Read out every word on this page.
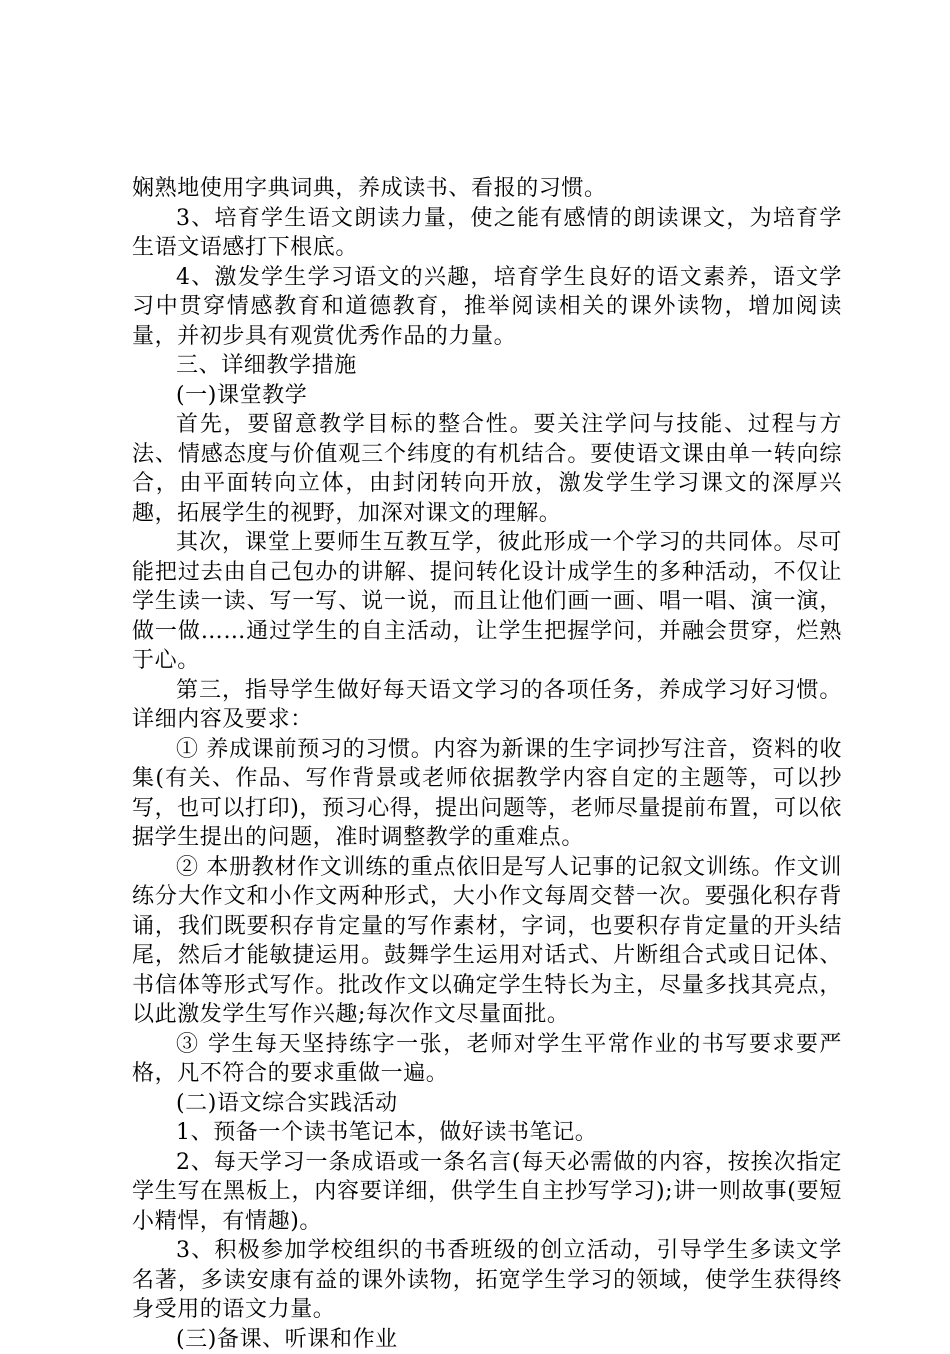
娴熟地使用字典词典，养成读书、看报的习惯。

3、培育学生语文朗读力量，使之能有感情的朗读课文，为培育学生语文语感打下根底。

4、激发学生学习语文的兴趣，培育学生良好的语文素养，语文学习中贯穿情感教育和道德教育，推举阅读相关的课外读物，增加阅读量，并初步具有观赏优秀作品的力量。

三、详细教学措施

(一)课堂教学

首先，要留意教学目标的整合性。要关注学问与技能、过程与方法、情感态度与价值观三个纬度的有机结合。要使语文课由单一转向综合，由平面转向立体，由封闭转向开放，激发学生学习课文的深厚兴趣，拓展学生的视野，加深对课文的理解。

其次，课堂上要师生互教互学，彼此形成一个学习的共同体。尽可能把过去由自己包办的讲解、提问转化设计成学生的多种活动，不仅让学生读一读、写一写、说一说，而且让他们画一画、唱一唱、演一演，做一做……通过学生的自主活动，让学生把握学问，并融会贯穿，烂熟于心。

第三，指导学生做好每天语文学习的各项任务，养成学习好习惯。详细内容及要求：

① 养成课前预习的习惯。内容为新课的生字词抄写注音，资料的收集(有关、作品、写作背景或老师依据教学内容自定的主题等，可以抄写，也可以打印)，预习心得，提出问题等，老师尽量提前布置，可以依据学生提出的问题，准时调整教学的重难点。

② 本册教材作文训练的重点依旧是写人记事的记叙文训练。作文训练分大作文和小作文两种形式，大小作文每周交替一次。要强化积存背诵，我们既要积存肯定量的写作素材，字词，也要积存肯定量的开头结尾，然后才能敏捷运用。鼓舞学生运用对话式、片断组合式或日记体、书信体等形式写作。批改作文以确定学生特长为主，尽量多找其亮点，以此激发学生写作兴趣;每次作文尽量面批。

③ 学生每天坚持练字一张，老师对学生平常作业的书写要求要严格，凡不符合的要求重做一遍。

(二)语文综合实践活动

1、预备一个读书笔记本，做好读书笔记。

2、每天学习一条成语或一条名言(每天必需做的内容，按挨次指定学生写在黑板上，内容要详细，供学生自主抄写学习);讲一则故事(要短小精悍，有情趣)。

3、积极参加学校组织的书香班级的创立活动，引导学生多读文学名著，多读安康有益的课外读物，拓宽学生学习的领域，使学生获得终身受用的语文力量。

(三)备课、听课和作业
